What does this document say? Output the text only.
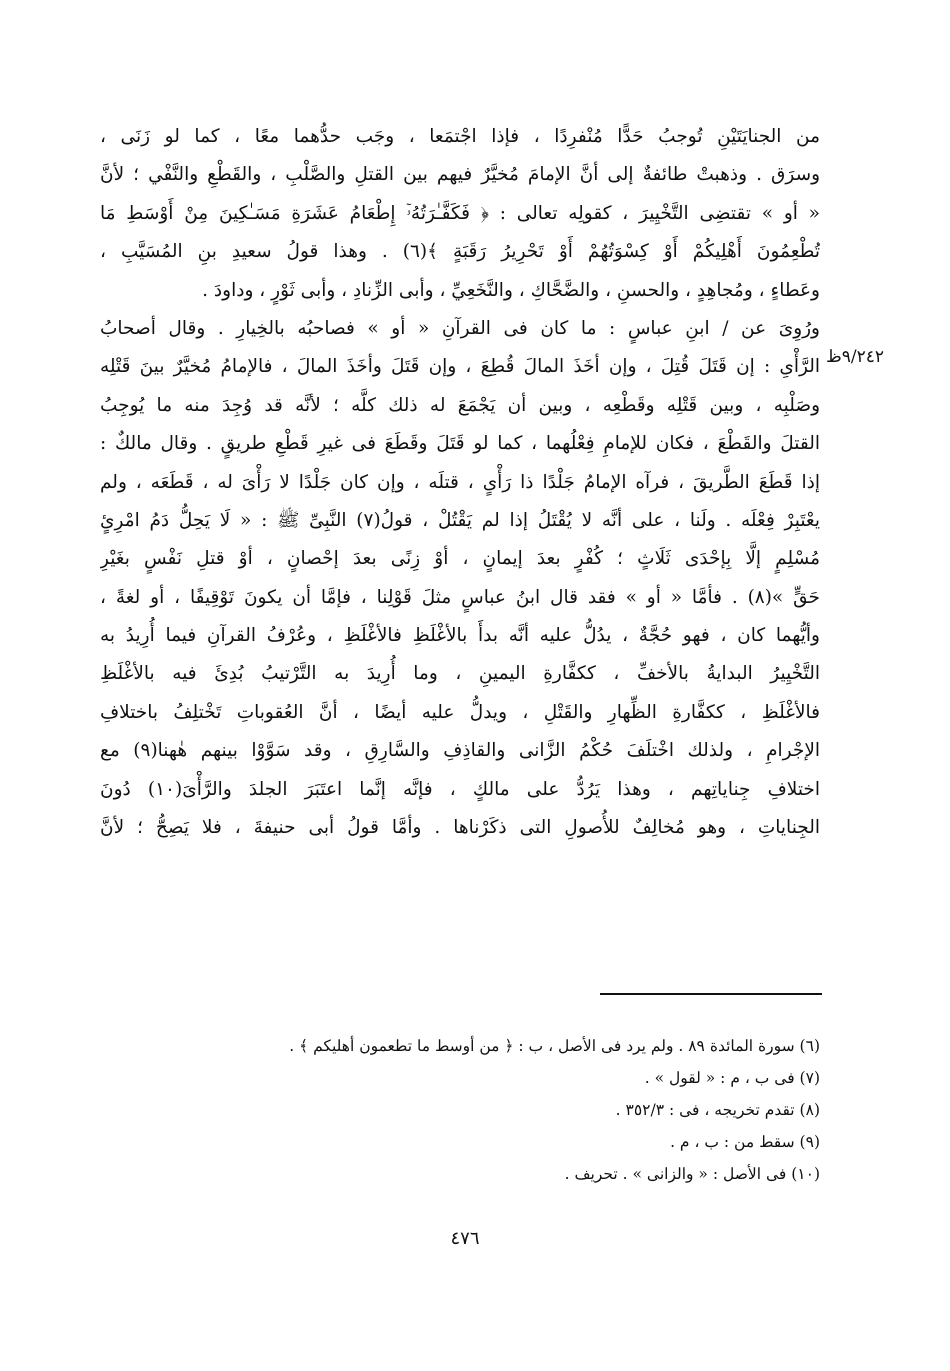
٩/٢٤٢ظ
من الجنايَتَيْنِ تُوجبُ حَدًّا مُنْفرِدًا ، فإذا اجْتمَعا ، وجَب حدُّهما معًا ، كما لو زَنَى ،
وسرَق . وذهبتْ طائفةٌ إلى أنَّ الإمامَ مُخيَّرٌ فيهم بين القتلِ والصَّلْبِ ، والقَطْعِ والنَّفْي ؛ لأنَّ
« أو » تقتضِى التَّخْيِيرَ ، كقولِه تعالى : ﴿ فَكَفَّـٰرَتُهُۥٓ إِطْعَامُ عَشَرَةِ مَسَـٰكِينَ مِنْ أَوْسَطِ مَا
تُطْعِمُونَ أَهْلِيكُمْ أَوْ كِسْوَتُهُمْ أَوْ تَحْرِيرُ رَقَبَةٍ ﴾(٦) . وهذا قولُ سعيدِ بنِ المُسَيَّبِ ،
وعَطاءٍ ، ومُجاهِدٍ ، والحسنِ ، والضَّحَّاكِ ، والنَّخَعِيِّ ، وأبى الزِّنادِ ، وأبى ثَوْرٍ ، وداودَ .
ورُوِىَ عن / ابنِ عباسٍ : ما كان فى القرآنِ « أو » فصاحبُه بالخِيارِ . وقال أصحابُ
الرَّأْىِ : إن قَتَلَ قُتِلَ ، وإن أخَذَ المالَ قُطِعَ ، وإن قَتَلَ وأخَذَ المالَ ، فالإمامُ مُخيَّرٌ بينَ قَتْلِه
وصَلْبِه ، وبين قَتْلِه وقَطْعِه ، وبين أن يَجْمَعَ له ذلك كلَّه ؛ لأنَّه قد وُجِدَ منه ما يُوجِبُ
القتلَ والقَطْعَ ، فكان للإمامِ فِعْلُهما ، كما لو قَتَلَ وقَطَعَ فى غيرِ قَطْعِ طريقٍ . وقال مالكٌ :
إذا قَطَعَ الطَّريقَ ، فرآه الإمامُ جَلْدًا ذا رَأْىٍ ، قتلَه ، وإن كان جَلْدًا لا رَأْىَ له ، قَطَعَه ، ولم
يعْتَبِرْ فِعْلَه . ولَنا ، على أنَّه لا يُقْتَلُ إذا لم يَقْتُلْ ، قولُ(٧) النَّبِىِّ ﷺ : « لَا يَحِلُّ دَمُ امْرِئٍ
مُسْلِمٍ إلَّا بِإحْدَى ثَلَاثٍ ؛ كُفْرٍ بعدَ إيمانٍ ، أوْ زِنًى بعدَ إحْصانٍ ، أوْ قتلِ نَفْسٍ بغَيْرِ
حَقٍّ »(٨) . فأمَّا « أو » فقد قال ابنُ عباسٍ مثلَ قَوْلِنا ، فإمَّا أن يكونَ تَوْقِيفًا ، أو لغةً ،
وأيُّهما كان ، فهو حُجَّةٌ ، يدُلُّ عليه أنَّه بدأَ بالأغْلَظِ فالأغْلَظِ ، وعُرْفُ القرآنِ فيما أُرِيدُ به
التَّخْيِيرُ البدايةُ بالأخفِّ ، ككفَّارةِ اليمينِ ، وما أُرِيدَ به التَّرْتيبُ بُدِئَ فيه بالأغْلَظِ
فالأغْلَظِ ، ككفَّارةِ الظِّهارِ والقَتْلِ ، ويدلُّ عليه أيضًا ، أنَّ العُقوباتِ تَخْتلِفُ باختلافِ
الإجْرامِ ، ولذلك اخْتلَفَ حُكْمُ الزَّانى والقاذِفِ والسَّارِقِ ، وقد سَوَّوْا بينهم هٰهنا(٩) مع
اختلافِ جِناياتِهم ، وهذا يَرُدُّ على مالكٍ ، فإنَّه إنَّما اعتَبَرَ الجلدَ والرَّأْىَ(١٠) دُونَ
الجِناياتِ ، وهو مُخالِفٌ للأُصولِ التى ذكَرْناها . وأمَّا قولُ أبى حنيفةَ ، فلا يَصِحُّ ؛ لأنَّ
(٦) سورة المائدة ٨٩ . ولم يرد فى الأصل ، ب : ﴿ من أوسط ما تطعمون أهليكم ﴾ .
(٧) فى ب ، م : « لقول » .
(٨) تقدم تخريجه ، فى : ٣٥٢/٣ .
(٩) سقط من : ب ، م .
(١٠) فى الأصل : « والزانى » . تحريف .
٤٧٦
